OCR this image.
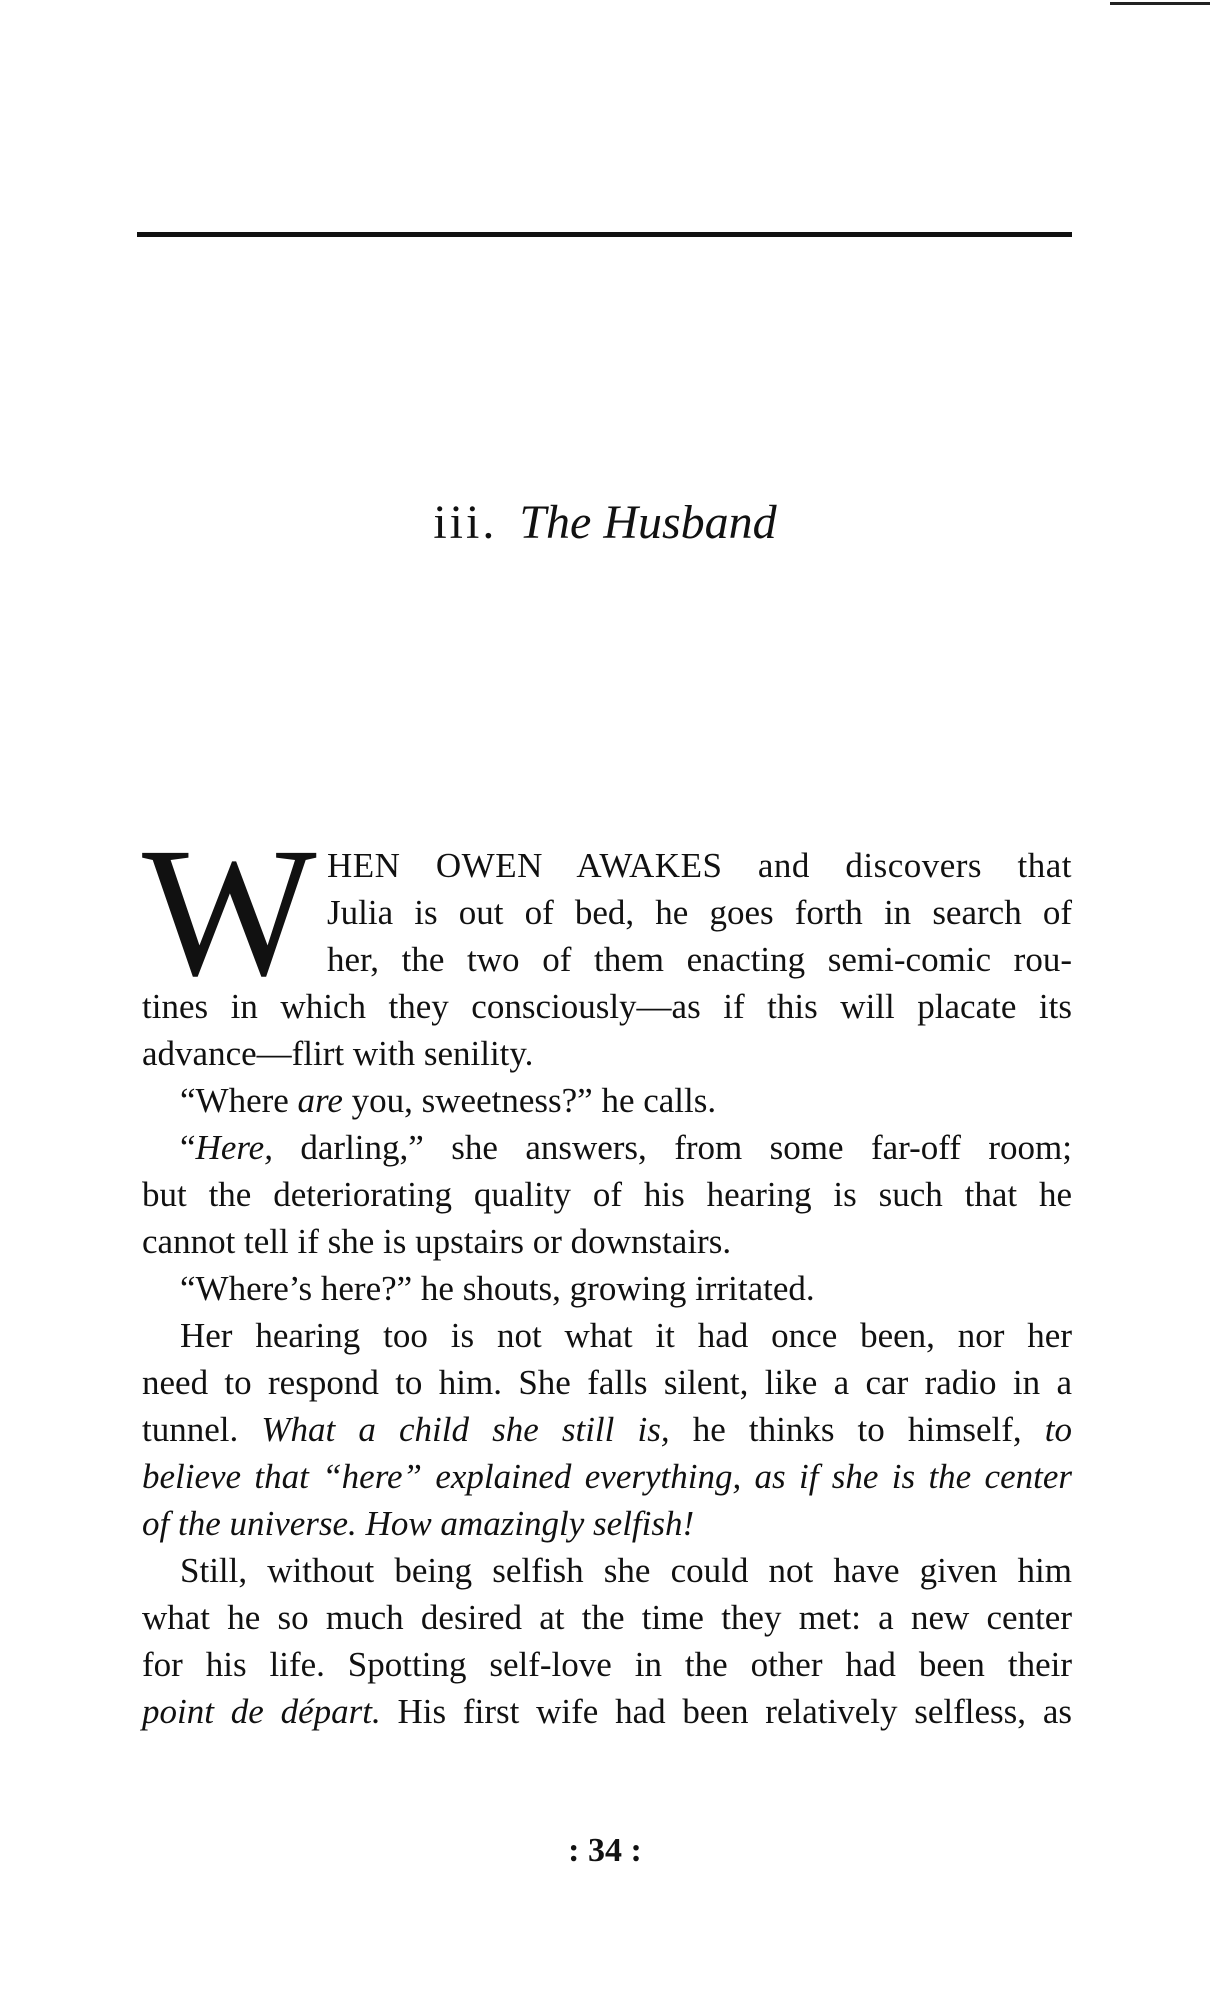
iii. The Husband
W HEN OWEN AWAKES and discovers that
Julia is out of bed, he goes forth in search of
her, the two of them enacting semi-comic rou-
tines in which they consciously—as if this will placate its
advance—flirt with senility.
“Where are you, sweetness?” he calls.
“Here, darling,” she answers, from some far-off room;
but the deteriorating quality of his hearing is such that he
cannot tell if she is upstairs or downstairs.
“Where’s here?” he shouts, growing irritated.
Her hearing too is not what it had once been, nor her
need to respond to him. She falls silent, like a car radio in a
tunnel. What a child she still is, he thinks to himself, to
believe that “here” explained everything, as if she is the center
of the universe. How amazingly selfish!
Still, without being selfish she could not have given him
what he so much desired at the time they met: a new center
for his life. Spotting self-love in the other had been their
point de départ. His first wife had been relatively selfless, as
: 34 :
